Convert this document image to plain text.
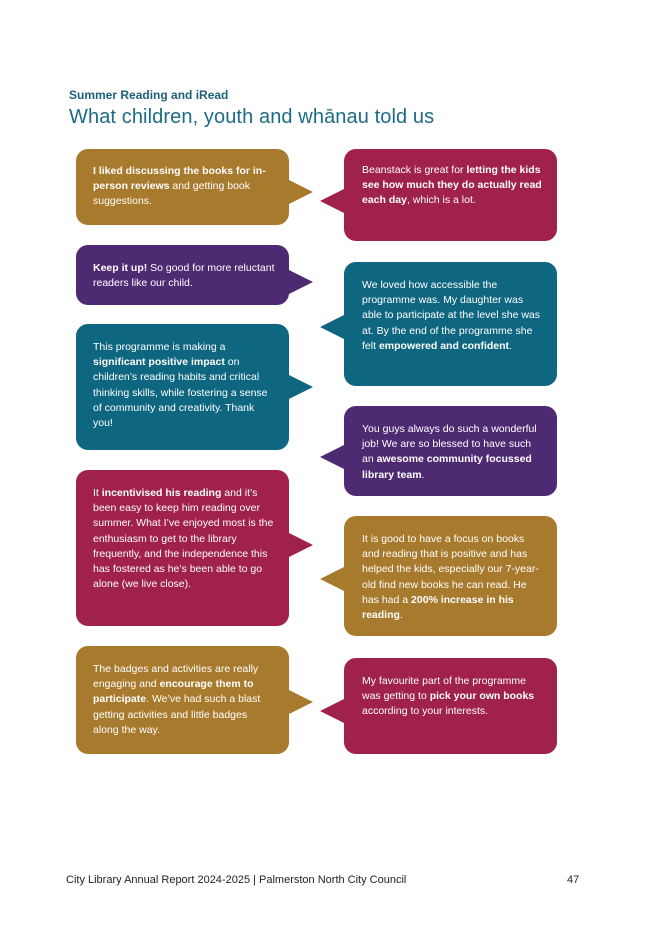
Summer Reading and iRead
What children, youth and whānau told us
I liked discussing the books for in-person reviews and getting book suggestions.
Keep it up! So good for more reluctant readers like our child.
This programme is making a significant positive impact on children’s reading habits and critical thinking skills, while fostering a sense of community and creativity. Thank you!
It incentivised his reading and it’s been easy to keep him reading over summer. What I’ve enjoyed most is the enthusiasm to get to the library frequently, and the independence this has fostered as he’s been able to go alone (we live close).
The badges and activities are really engaging and encourage them to participate. We’ve had such a blast getting activities and little badges along the way.
Beanstack is great for letting the kids see how much they do actually read each day, which is a lot.
We loved how accessible the programme was. My daughter was able to participate at the level she was at. By the end of the programme she felt empowered and confident.
You guys always do such a wonderful job! We are so blessed to have such an awesome community focussed library team.
It is good to have a focus on books and reading that is positive and has helped the kids, especially our 7-year-old find new books he can read. He has had a 200% increase in his reading.
My favourite part of the programme was getting to pick your own books according to your interests.
City Library Annual Report 2024-2025 | Palmerston North City Council	47
